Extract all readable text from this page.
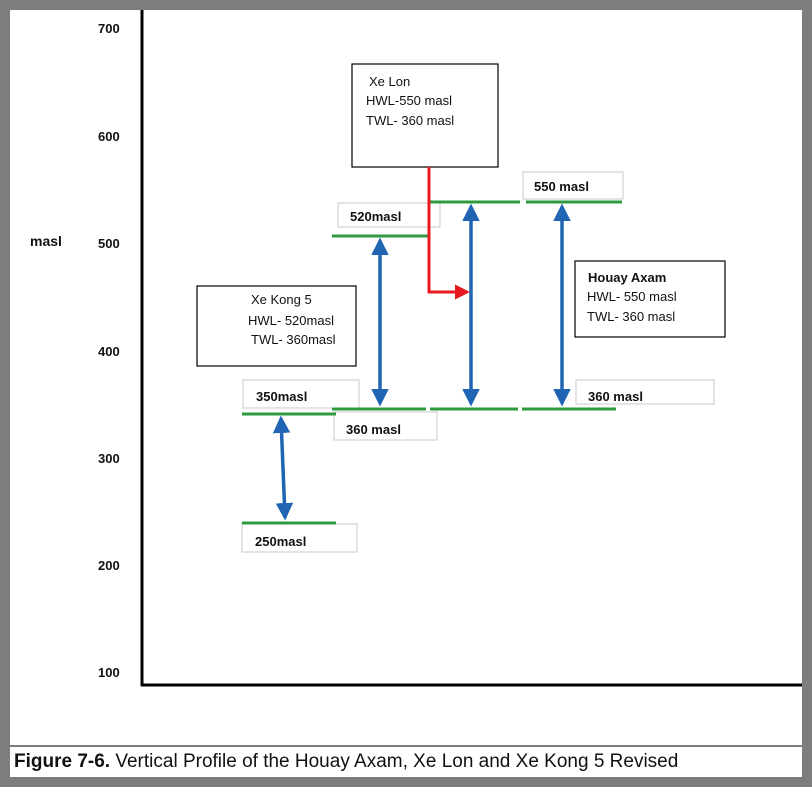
700
600
500
400
300
200
100
masl
Xe Lon
HWL-550 masl
TWL- 360 masl
Houay Axam
HWL- 550 masl
TWL- 360 masl
Xe Kong 5
HWL- 520masl
TWL- 360masl
550 masl
520masl
350masl
360 masl
360 masl
250masl
Figure 7-6. Vertical Profile of the Houay Axam, Xe Lon and Xe Kong 5 Revised
